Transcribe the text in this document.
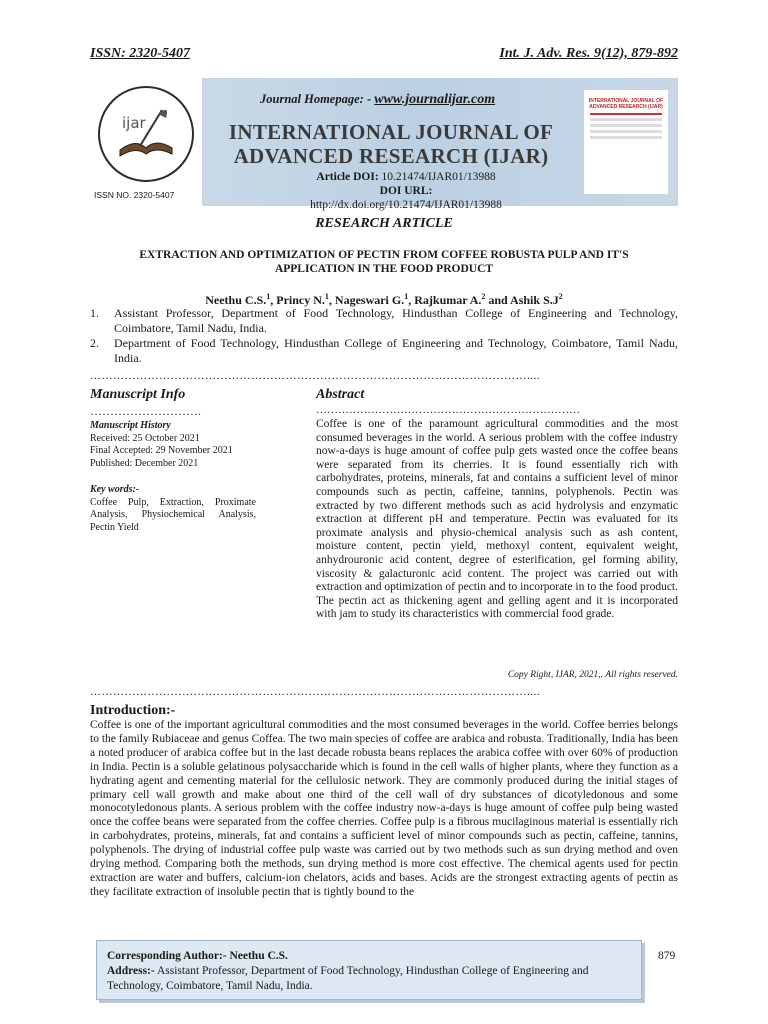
ISSN: 2320-5407	Int. J. Adv. Res. 9(12), 879-892
ijar
ISSN NO. 2320-5407
Journal Homepage: - www.journalijar.com
INTERNATIONAL JOURNAL OF ADVANCED RESEARCH (IJAR)
Article DOI: 10.21474/IJAR01/13988
DOI URL: http://dx.doi.org/10.21474/IJAR01/13988
INTERNATIONAL JOURNAL OF ADVANCED RESEARCH (IJAR)
RESEARCH ARTICLE
EXTRACTION AND OPTIMIZATION OF PECTIN FROM COFFEE ROBUSTA PULP AND IT'S APPLICATION IN THE FOOD PRODUCT
Neethu C.S.$^1$, Princy N.$^1$, Nageswari G.$^1$, Rajkumar A.$^2$ and Ashik $S.J^2$
1.	Assistant Professor, Department of Food Technology, Hindusthan College of Engineering and Technology, Coimbatore, Tamil Nadu, India.
2.	Department of Food Technology, Hindusthan College of Engineering and Technology, Coimbatore, Tamil Nadu, India.
……………………………………………………………………………………………………....
Manuscript Info	Abstract
……………………….	………………………………………………………………
Manuscript History
Received: 25 October 2021
Final Accepted: 29 November 2021
Published: December 2021
Key words:-
Coffee Pulp, Extraction, Proximate Analysis, Physiochemical Analysis, Pectin Yield
Coffee is one of the paramount agricultural commodities and the most consumed beverages in the world. A serious problem with the coffee industry now-a-days is huge amount of coffee pulp gets wasted once the coffee beans were separated from its cherries. It is found essentially rich with carbohydrates, proteins, minerals, fat and contains a sufficient level of minor compounds such as pectin, caffeine, tannins, polyphenols. Pectin was extracted by two different methods such as acid hydrolysis and enzymatic extraction at different pH and temperature. Pectin was evaluated for its proximate analysis and physio-chemical analysis such as ash content, moisture content, pectin yield, methoxyl content, equivalent weight, anhydrouronic acid content, degree of esterification, gel forming ability, viscosity & galacturonic acid content. The project was carried out with extraction and optimization of pectin and to incorporate in to the food product. The pectin act as thickening agent and gelling agent and it is incorporated with jam to study its characteristics with commercial food grade.
Copy Right, IJAR, 2021,. All rights reserved.
……………………………………………………………………………………………………....
Introduction:-
Coffee is one of the important agricultural commodities and the most consumed beverages in the world. Coffee berries belongs to the family Rubiaceae and genus Coffea. The two main species of coffee are arabica and robusta. Traditionally, India has been a noted producer of arabica coffee but in the last decade robusta beans replaces the arabica coffee with over 60% of production in India. Pectin is a soluble gelatinous polysaccharide which is found in the cell walls of higher plants, where they function as a hydrating agent and cementing material for the cellulosic network. They are commonly produced during the initial stages of primary cell wall growth and make about one third of the cell wall of dry substances of dicotyledonous and some monocotyledonous plants. A serious problem with the coffee industry now-a-days is huge amount of coffee pulp being wasted once the coffee beans were separated from the coffee cherries. Coffee pulp is a fibrous mucilaginous material is essentially rich in carbohydrates, proteins, minerals, fat and contains a sufficient level of minor compounds such as pectin, caffeine, tannins, polyphenols. The drying of industrial coffee pulp waste was carried out by two methods such as sun drying method and oven drying method. Comparing both the methods, sun drying method is more cost effective. The chemical agents used for pectin extraction are water and buffers, calcium-ion chelators, acids and bases. Acids are the strongest extracting agents of pectin as they facilitate extraction of insoluble pectin that is tightly bound to the
Corresponding Author:- Neethu C.S.
Address:- Assistant Professor, Department of Food Technology, Hindusthan College of Engineering and Technology, Coimbatore, Tamil Nadu, India.
879
